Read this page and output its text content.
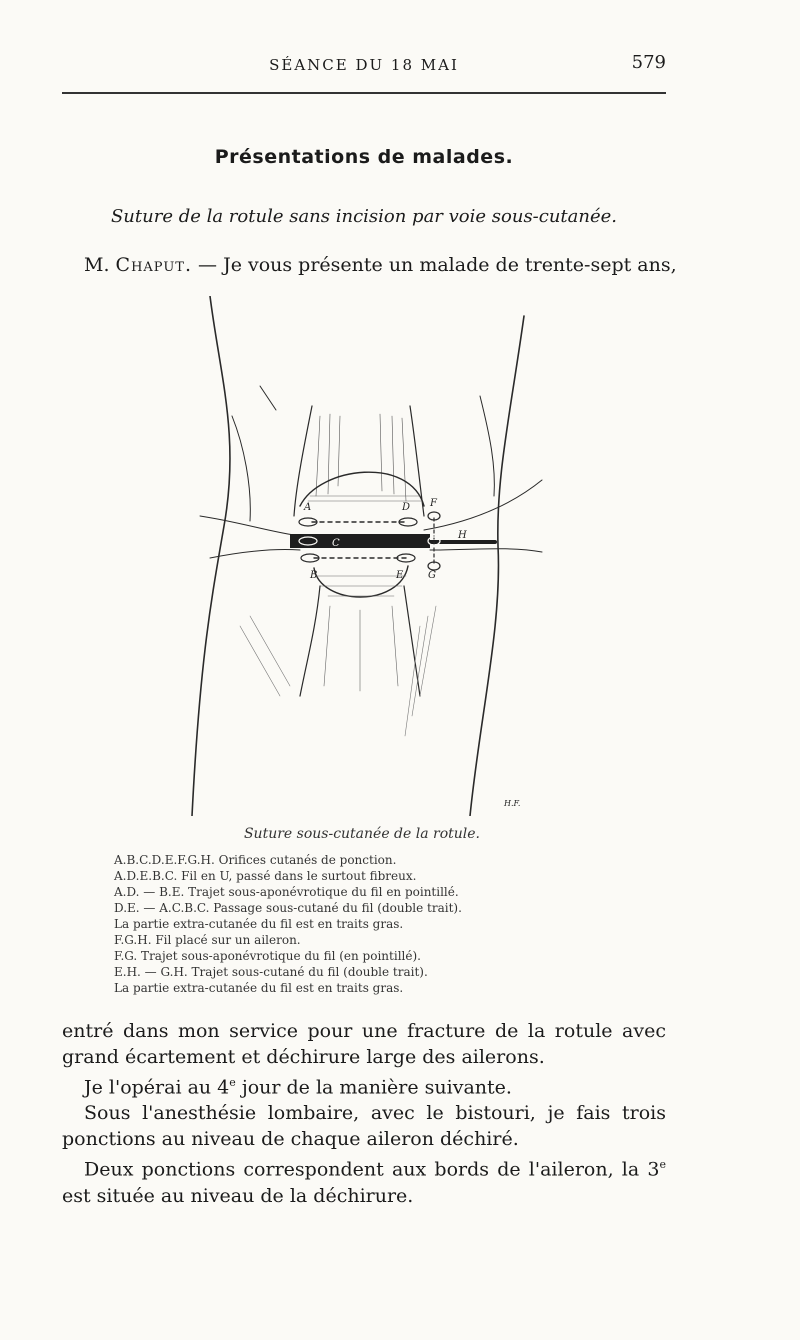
SÉANCE DU 18 MAI	579
Présentations de malades.
Suture de la rotule sans incision par voie sous-cutanée.
M. Chaput. — Je vous présente un malade de trente-sept ans,
A	D F
C
H
B	E G
H.F.
Suture sous-cutanée de la rotule.
A.B.C.D.E.F.G.H. Orifices cutanés de ponction.
A.D.E.B.C. Fil en U, passé dans le surtout fibreux.
A.D. — B.E. Trajet sous-aponévrotique du fil en pointillé.
D.E. — A.C.B.C. Passage sous-cutané du fil (double trait).
La partie extra-cutanée du fil est en traits gras.
F.G.H. Fil placé sur un aileron.
F.G. Trajet sous-aponévrotique du fil (en pointillé).
E.H. — G.H. Trajet sous-cutané du fil (double trait).
La partie extra-cutanée du fil est en traits gras.

entré dans mon service pour une fracture de la rotule avec grand écartement et déchirure large des ailerons.

Je l'opérai au 4e jour de la manière suivante.

Sous l'anesthésie lombaire, avec le bistouri, je fais trois ponctions au niveau de chaque aileron déchiré.

Deux ponctions correspondent aux bords de l'aileron, la 3e est située au niveau de la déchirure.
